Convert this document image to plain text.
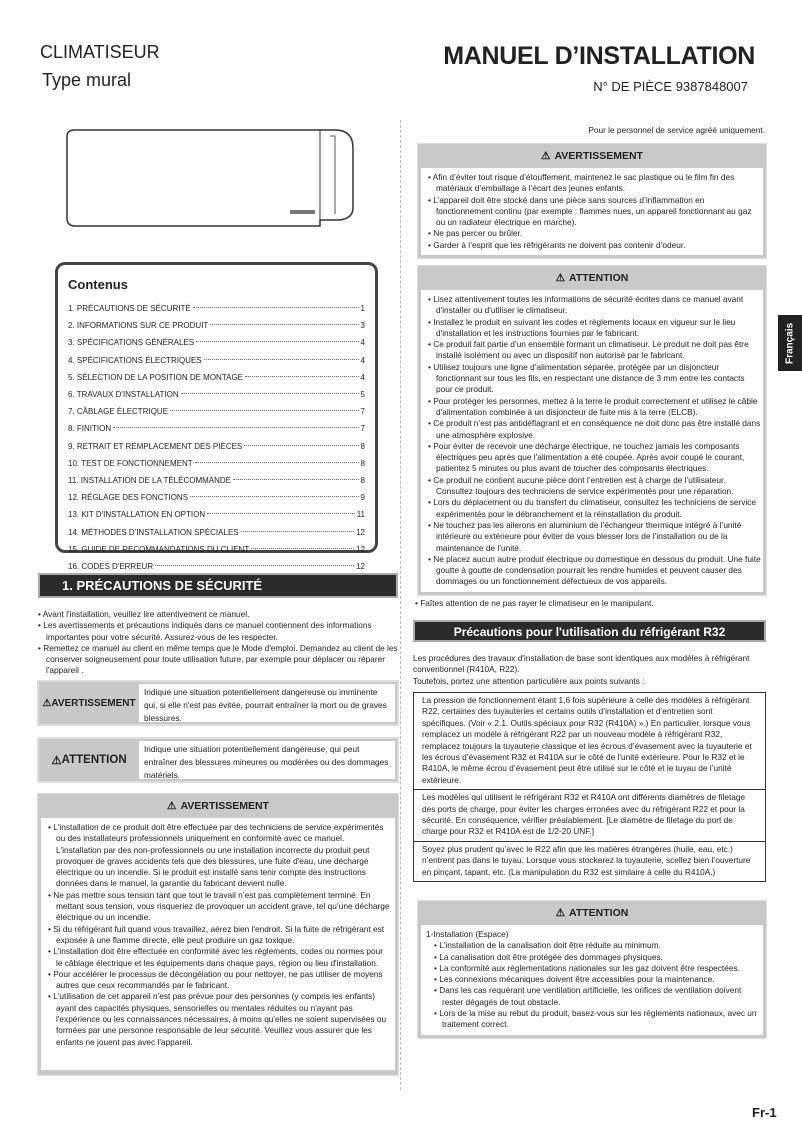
CLIMATISEUR
Type mural
MANUEL D’INSTALLATION
N° DE PIÈCE 9387848007
Contenus
1. PRÉCAUTIONS DE SÉCURITÉ	1
2. INFORMATIONS SUR CE PRODUIT	3
3. SPÉCIFICATIONS GÉNÉRALES	4
4. SPÉCIFICATIONS ÉLECTRIQUES	4
5. SÉLECTION DE LA POSITION DE MONTAGE	4
6. TRAVAUX D'INSTALLATION	5
7. CÂBLAGE ÉLECTRIQUE	7
8. FINITION	7
9. RETRAIT ET REMPLACEMENT DES PIÈCES	8
10. TEST DE FONCTIONNEMENT	8
11. INSTALLATION DE LA TÉLÉCOMMANDE	8
12. RÉGLAGE DES FONCTIONS	9
13. KIT D'INSTALLATION EN OPTION	11
14. MÉTHODES D'INSTALLATION SPÉCIALES	12
15. GUIDE DE RECOMMANDATIONS DU CLIENT	12
16. CODES D'ERREUR	12
1. PRÉCAUTIONS DE SÉCURITÉ
• Avant l'installation, veuillez lire attentivement ce manuel.
• Les avertissements et précautions indiqués dans ce manuel contiennent des informations importantes pour votre sécurité. Assurez-vous de les respecter.
• Remettez ce manuel au client en même temps que le Mode d'emploi. Demandez au client de les conserver soigneusement pour toute utilisation future, par exemple pour déplacer ou réparer l'appareil .
⚠ AVERTISSEMENT
Indique une situation potentiellement dangereuse ou imminente qui, si elle n'est pas évitée, pourrait entraîner la mort ou de graves blessures.
⚠ ATTENTION
Indique une situation potentiellement dangereuse, qui peut entraîner des blessures mineures ou modérées ou des dommages matériels.
⚠ AVERTISSEMENT
• L'installation de ce produit doit être effectuée par des techniciens de service expérimentés ou des installateurs professionnels uniquement en conformité avec ce manuel. L'installation par des non-professionnels ou une installation incorrecte du produit peut provoquer de graves accidents tels que des blessures, une fuite d'eau, une décharge électrique ou un incendie. Si le produit est installé sans tenir compte des instructions données dans le manuel, la garantie du fabricant devient nulle.
• Ne pas mettre sous tension tant que tout le travail n’est pas complètement terminé. En mettant sous tension, vous risqueriez de provoquer un accident grave, tel qu’une décharge électrique ou un incendie.
• Si du réfrigérant fuit quand vous travaillez, aérez bien l'endroit. Si la fuite de réfrigérant est exposée à une flamme directe, elle peut produire un gaz toxique.
• L'installation doit être effectuée en conformité avec les règlements, codes ou normes pour le câblage électrique et les équipements dans chaque pays, région ou lieu d'installation.
• Pour accélérer le processus de décongélation ou pour nettoyer, ne pas utiliser de moyens autres que ceux recommandés par le fabricant.
• L'utilisation de cet appareil n'est pas prévue pour des personnes (y compris les enfants) ayant des capacités physiques, sensorielles ou mentales réduites ou n'ayant pas l'expérience ou les connaissances nécessaires, à moins qu'elles ne soient supervisées ou formées par une personne responsable de leur sécurité. Veuillez vous assurer que les enfants ne jouent pas avec l'appareil.
Pour le personnel de service agréé uniquement.
⚠ AVERTISSEMENT
• Afin d’éviter tout risque d’étouffement, maintenez le sac plastique ou le film fin des matériaux d’emballage à l’écart des jeunes enfants.
• L’appareil doit être stocké dans une pièce sans sources d’inflammation en fonctionnement continu (par exemple : flammes nues, un appareil fonctionnant au gaz ou un radiateur électrique en marche).
• Ne pas percer ou brûler.
• Garder à l’esprit que les réfrigérants ne doivent pas contenir d’odeur.
⚠ ATTENTION
• Lisez attentivement toutes les informations de sécurité écrites dans ce manuel avant d'installer ou d'utiliser le climatiseur.
• Installez le produit en suivant les codes et règlements locaux en vigueur sur le lieu d'installation et les instructions fournies par le fabricant.
• Ce produit fait partie d’un ensemble formant un climatiseur. Le produit ne doit pas être installé isolément ou avec un dispositif non autorisé par le fabricant.
• Utilisez toujours une ligne d’alimentation séparée, protégée par un disjoncteur fonctionnant sur tous les fils, en respectant une distance de 3 mm entre les contacts pour ce produit.
• Pour protéger les personnes, mettez à la terre le produit correctement et utilisez le câble d'alimentation combinée à un disjoncteur de fuite mis à la terre (ELCB).
• Ce produit n’est pas antidéflagrant et en conséquence ne doit donc pas être installé dans une atmosphère explosive.
• Pour éviter de recevoir une décharge électrique, ne touchez jamais les composants électriques peu après que l'alimentation a été coupée. Après avoir coupé le courant, patientez 5 minutes ou plus avant de toucher des composants électriques.
• Ce produit ne contient aucune pièce dont l’entretien est à charge de l’utilisateur. Consultez toujours des techniciens de service expérimentés pour une réparation.
• Lors du déplacement ou du transfert du climatiseur, consultez les techniciens de service expérimentés pour le débranchement et la réinstallation du produit.
• Ne touchez pas les ailerons en aluminium de l’échangeur thermique intégré à l’unité intérieure ou extérieure pour éviter de vous blesser lors de l’installation ou de la maintenance de l’unité.
• Ne placez aucun autre produit électrique ou domestique en dessous du produit. Une fuite goutte à goutte de condensation pourrait les rendre humides et peuvent causer des dommages ou un fonctionnement défectueux de vos appareils.
• Faîtes attention de ne pas rayer le climatiseur en le manipulant.
Précautions pour l'utilisation du réfrigérant R32
Les procédures des travaux d'installation de base sont identiques aux modèles à réfrigérant conventionnel (R410A, R22).
Toutefois, portez une attention particulière aux points suivants :
La pression de fonctionnement étant 1,6 fois supérieure à celle des modèles à réfrigérant R22, certaines des tuyauteries et certains outils d’installation et d’entretien sont spécifiques. (Voir « 2.1. Outils spéciaux pour R32 (R410A) ».) En particulier, lorsque vous remplacez un modèle à réfrigérant R22 par un nouveau modèle à réfrigérant R32, remplacez toujours la tuyauterie classique et les écrous d’évasement avec la tuyauterie et les écrous d’évasement R32 et R410A sur le côté de l'unité extérieure. Pour le R32 et le R410A, le même écrou d’évasement peut être utilisé sur le côté et le tuyau de l’unité extérieure.
Les modèles qui utilisent le réfrigérant R32 et R410A ont différents diamètres de filetage des ports de charge, pour éviter les charges erronées avec du réfrigérant R22 et pour la sécurité. En conséquence, vérifier préalablement. [Le diamètre de filetage du port de charge pour R32 et R410A est de 1/2-20 UNF.]
Soyez plus prudent qu’avec le R22 afin que les matières étrangères (huile, eau, etc.) n’entrent pas dans le tuyau. Lorsque vous stockerez la tuyauterie, scellez bien l’ouverture en pinçant, tapant, etc. (La manipulation du R32 est similaire à celle du R410A.)
⚠ ATTENTION
1-Installation (Espace)
• L'installation de la canalisation doit être réduite au minimum.
• La canalisation doit être protégée des dommages physiques.
• La conformité aux réglementations nationales sur les gaz doivent être respectées.
• Les connexions mécaniques doivent être accessibles pour la maintenance.
• Dans les cas requérant une ventilation artificielle, les orifices de ventilation doivent rester dégagés de tout obstacle.
• Lors de la mise au rebut du produit, basez-vous sur les règlements nationaux, avec un traitement correct.
Français
Fr-1
